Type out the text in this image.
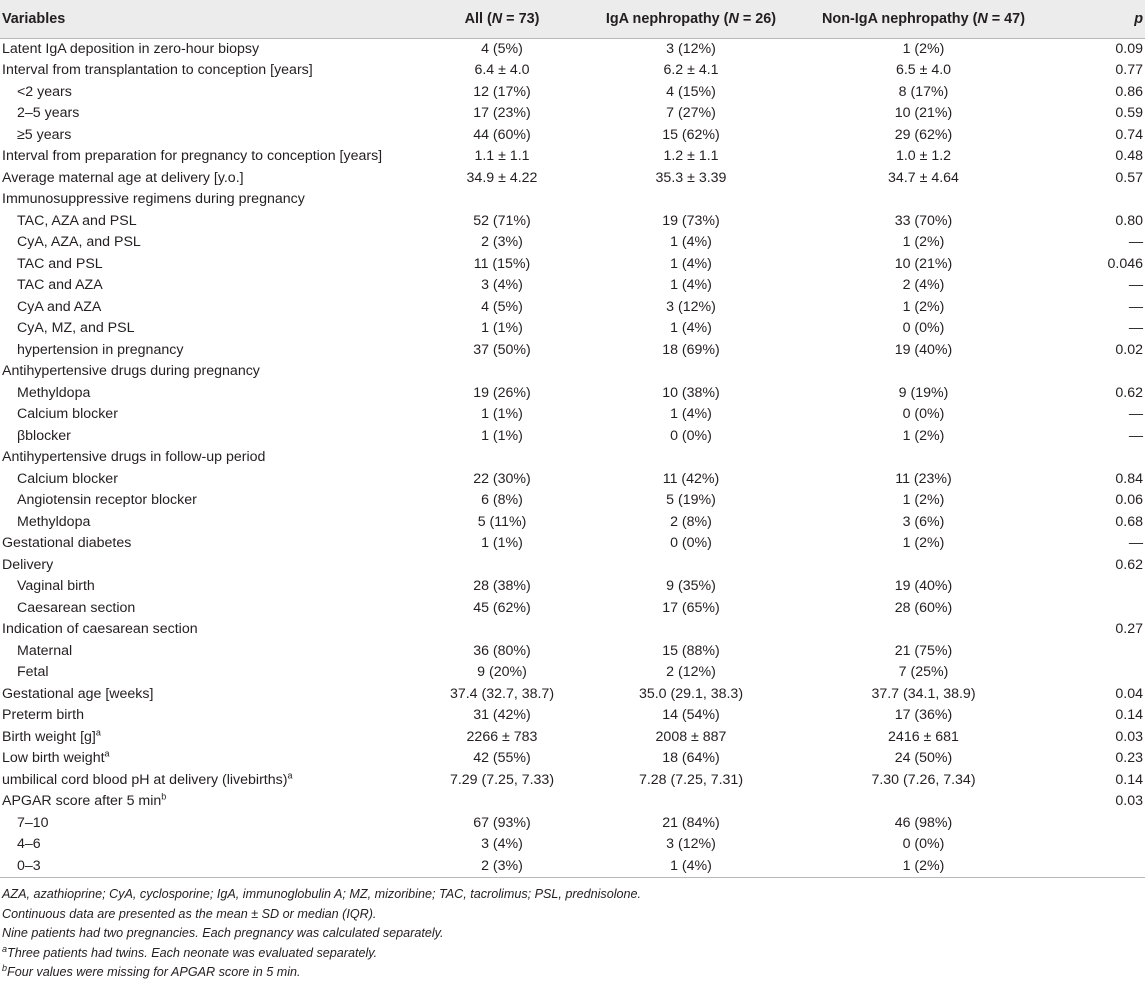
Variables	All (N = 73)	IgA nephropathy (N = 26)	Non-IgA nephropathy (N = 47)	p
Latent IgA deposition in zero-hour biopsy	4 (5%)	3 (12%)	1 (2%)	0.09
Interval from transplantation to conception [years]	6.4 ± 4.0	6.2 ± 4.1	6.5 ± 4.0	0.77
<2 years	12 (17%)	4 (15%)	8 (17%)	0.86
2–5 years	17 (23%)	7 (27%)	10 (21%)	0.59
≥5 years	44 (60%)	15 (62%)	29 (62%)	0.74
Interval from preparation for pregnancy to conception [years]	1.1 ± 1.1	1.2 ± 1.1	1.0 ± 1.2	0.48
Average maternal age at delivery [y.o.]	34.9 ± 4.22	35.3 ± 3.39	34.7 ± 4.64	0.57
Immunosuppressive regimens during pregnancy				
TAC, AZA and PSL	52 (71%)	19 (73%)	33 (70%)	0.80
CyA, AZA, and PSL	2 (3%)	1 (4%)	1 (2%)	—
TAC and PSL	11 (15%)	1 (4%)	10 (21%)	0.046
TAC and AZA	3 (4%)	1 (4%)	2 (4%)	—
CyA and AZA	4 (5%)	3 (12%)	1 (2%)	—
CyA, MZ, and PSL	1 (1%)	1 (4%)	0 (0%)	—
hypertension in pregnancy	37 (50%)	18 (69%)	19 (40%)	0.02
Antihypertensive drugs during pregnancy				
Methyldopa	19 (26%)	10 (38%)	9 (19%)	0.62
Calcium blocker	1 (1%)	1 (4%)	0 (0%)	—
βblocker	1 (1%)	0 (0%)	1 (2%)	—
Antihypertensive drugs in follow-up period				
Calcium blocker	22 (30%)	11 (42%)	11 (23%)	0.84
Angiotensin receptor blocker	6 (8%)	5 (19%)	1 (2%)	0.06
Methyldopa	5 (11%)	2 (8%)	3 (6%)	0.68
Gestational diabetes	1 (1%)	0 (0%)	1 (2%)	—
Delivery				0.62
Vaginal birth	28 (38%)	9 (35%)	19 (40%)	
Caesarean section	45 (62%)	17 (65%)	28 (60%)	
Indication of caesarean section				0.27
Maternal	36 (80%)	15 (88%)	21 (75%)	
Fetal	9 (20%)	2 (12%)	7 (25%)	
Gestational age [weeks]	37.4 (32.7, 38.7)	35.0 (29.1, 38.3)	37.7 (34.1, 38.9)	0.04
Preterm birth	31 (42%)	14 (54%)	17 (36%)	0.14
Birth weight $[g]^a$	2266 ± 783	2008 ± 887	2416 ± 681	0.03
Low birth weight$^a$	42 (55%)	18 (64%)	24 (50%)	0.23
umbilical cord blood pH at delivery (livebirths)$^a$	7.29 (7.25, 7.33)	7.28 (7.25, 7.31)	7.30 (7.26, 7.34)	0.14
APGAR score after 5 $\min^b$				0.03
7–10	67 (93%)	21 (84%)	46 (98%)	
4–6	3 (4%)	3 (12%)	0 (0%)	
0–3	2 (3%)	1 (4%)	1 (2%)	
AZA, azathioprine; CyA, cyclosporine; IgA, immunoglobulin A; MZ, mizoribine; TAC, tacrolimus; PSL, prednisolone.
Continuous data are presented as the mean ± SD or median (IQR).
Nine patients had two pregnancies. Each pregnancy was calculated separately.
$^a$Three patients had twins. Each neonate was evaluated separately.
$^b$Four values were missing for APGAR score in 5 min.
